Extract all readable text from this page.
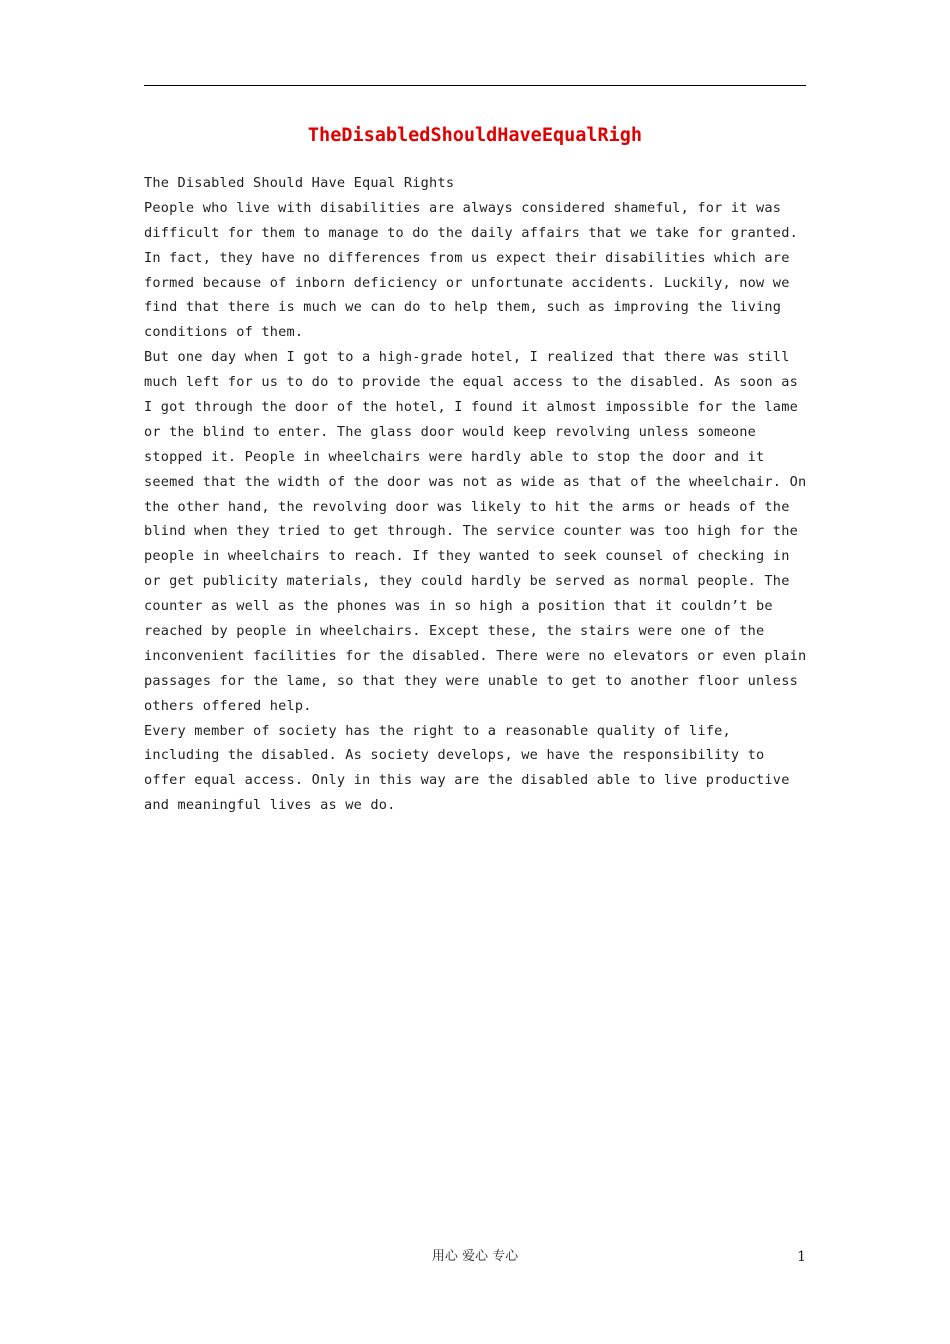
TheDisabledShouldHaveEqualRigh
The Disabled Should Have Equal Rights
People who live with disabilities are always considered shameful, for it was
difficult for them to manage to do the daily affairs that we take for granted.
In fact, they have no differences from us expect their disabilities which are
formed because of inborn deficiency or unfortunate accidents. Luckily, now we
find that there is much we can do to help them, such as improving the living
conditions of them.
But one day when I got to a high-grade hotel, I realized that there was still
much left for us to do to provide the equal access to the disabled. As soon as
I got through the door of the hotel, I found it almost impossible for the lame
or the blind to enter. The glass door would keep revolving unless someone
stopped it. People in wheelchairs were hardly able to stop the door and it
seemed that the width of the door was not as wide as that of the wheelchair. On
the other hand, the revolving door was likely to hit the arms or heads of the
blind when they tried to get through. The service counter was too high for the
people in wheelchairs to reach. If they wanted to seek counsel of checking in
or get publicity materials, they could hardly be served as normal people. The
counter as well as the phones was in so high a position that it couldn’t be
reached by people in wheelchairs. Except these, the stairs were one of the
inconvenient facilities for the disabled. There were no elevators or even plain
passages for the lame, so that they were unable to get to another floor unless
others offered help.
Every member of society has the right to a reasonable quality of life,
including the disabled. As society develops, we have the responsibility to
offer equal access. Only in this way are the disabled able to live productive
and meaningful lives as we do.
用心 爱心 专心	1
